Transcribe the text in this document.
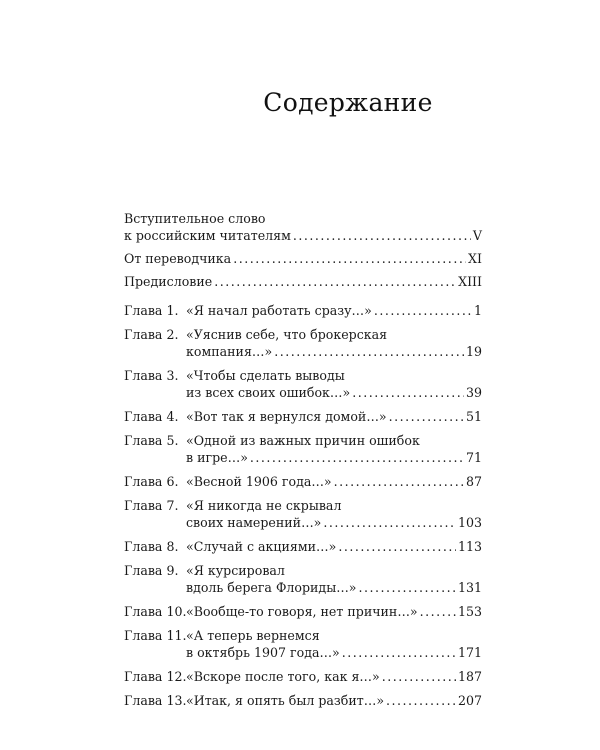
Содержание
Вступительное слово
к российским читателям .....	V
От переводчика .....	XI
Предисловие .....	XIII
Глава 1. «Я начал работать сразу…» .....	1
Глава 2. «Уяснив себе, что брокерская
компания…» .....	19
Глава 3. «Чтобы сделать выводы
из всех своих ошибок…» .....	39
Глава 4. «Вот так я вернулся домой…» .....	51
Глава 5. «Одной из важных причин ошибок
в игре…» .....	71
Глава 6. «Весной 1906 года…» .....	87
Глава 7. «Я никогда не скрывал
своих намерений…» .....	103
Глава 8. «Случай с акциями…» .....	113
Глава 9. «Я курсировал
вдоль берега Флориды…» .....	131
Глава 10. «Вообще-то говоря, нет причин…» .....	153
Глава 11. «А теперь вернемся
в октябрь 1907 года…» .....	171
Глава 12. «Вскоре после того, как я…» .....	187
Глава 13. «Итак, я опять был разбит…» .....	207
